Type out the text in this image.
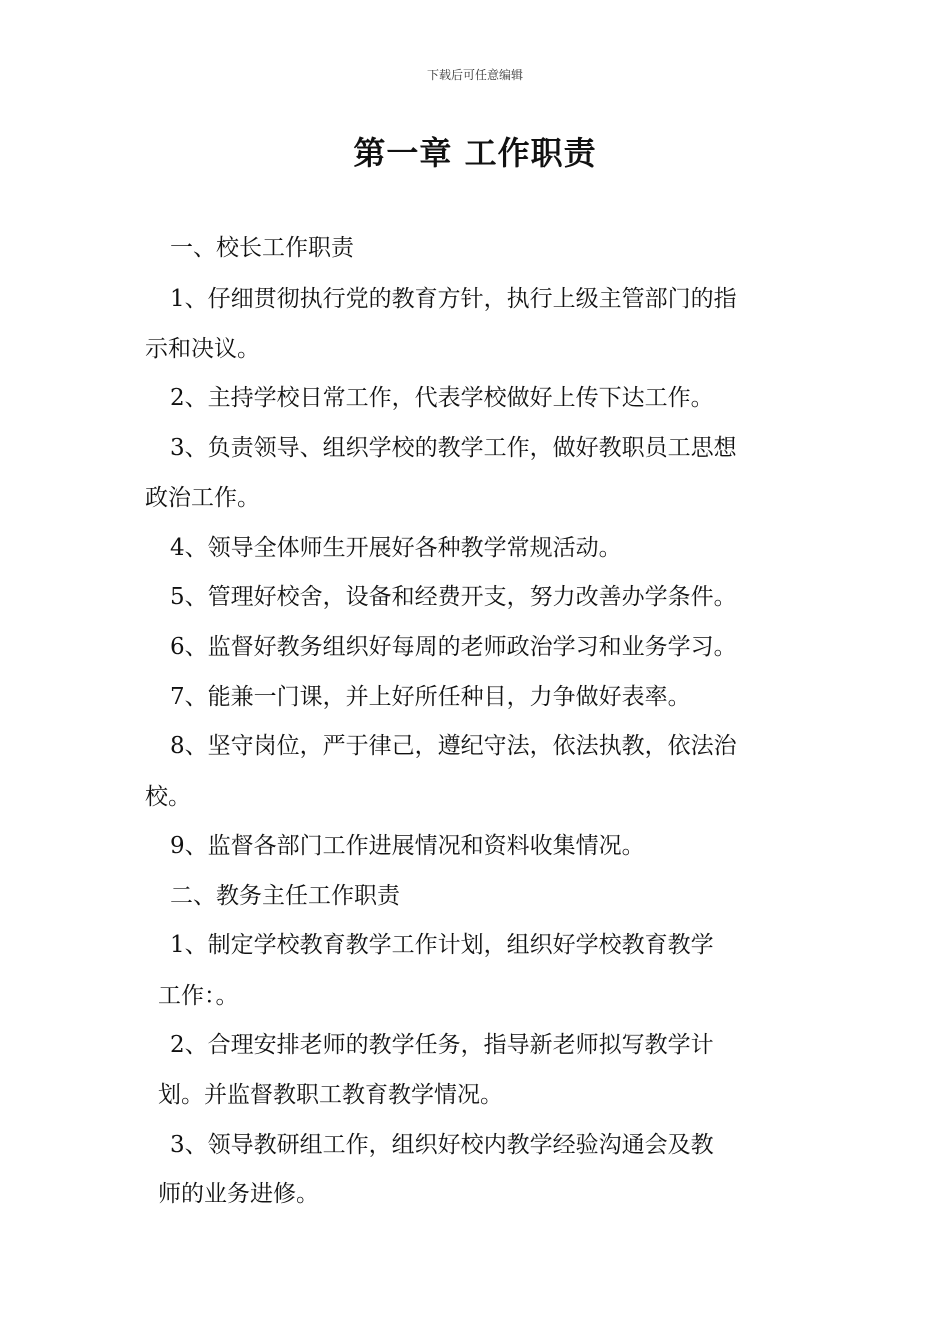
下载后可任意编辑
第一章 工作职责
一、校长工作职责
1、仔细贯彻执行党的教育方针，执行上级主管部门的指
示和决议。
2、主持学校日常工作，代表学校做好上传下达工作。
3、负责领导、组织学校的教学工作，做好教职员工思想
政治工作。
4、领导全体师生开展好各种教学常规活动。
5、管理好校舍，设备和经费开支，努力改善办学条件。
6、监督好教务组织好每周的老师政治学习和业务学习。
7、能兼一门课，并上好所任种目，力争做好表率。
8、坚守岗位，严于律己，遵纪守法，依法执教，依法治
校。
9、监督各部门工作进展情况和资料收集情况。
二、教务主任工作职责
1、制定学校教育教学工作计划，组织好学校教育教学
工作：。
2、合理安排老师的教学任务，指导新老师拟写教学计
划。并监督教职工教育教学情况。
3、领导教研组工作，组织好校内教学经验沟通会及教
师的业务进修。
